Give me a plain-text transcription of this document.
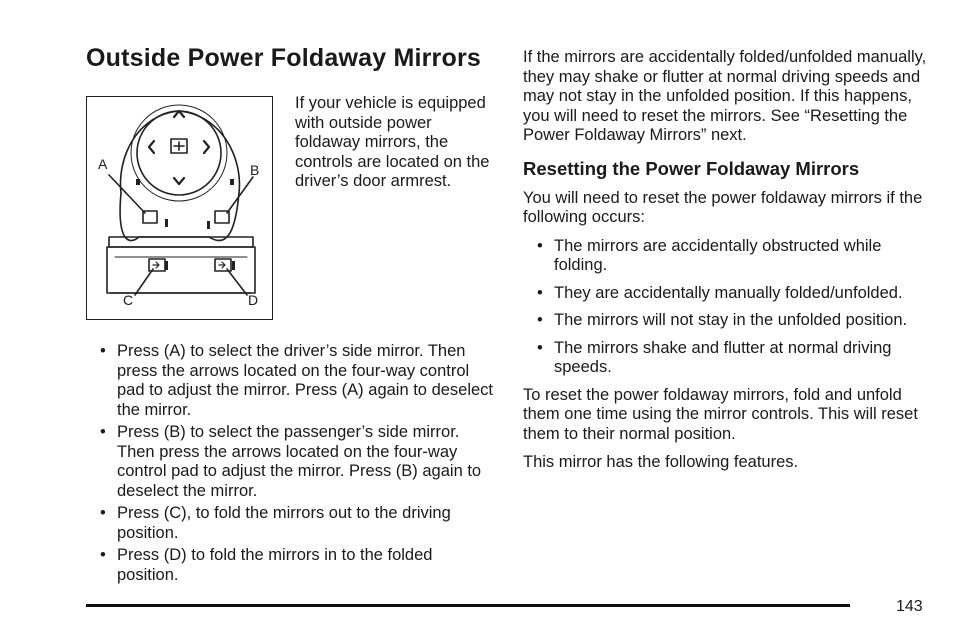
Outside Power Foldaway Mirrors
A	B
C	D

If your vehicle is equipped with outside power foldaway mirrors, the controls are located on the driver’s door armrest.

• Press (A) to select the driver’s side mirror. Then press the arrows located on the four-way control pad to adjust the mirror. Press (A) again to deselect the mirror.
• Press (B) to select the passenger’s side mirror. Then press the arrows located on the four-way control pad to adjust the mirror. Press (B) again to deselect the mirror.
• Press (C), to fold the mirrors out to the driving position.
• Press (D) to fold the mirrors in to the folded position.

If the mirrors are accidentally folded/unfolded manually, they may shake or flutter at normal driving speeds and may not stay in the unfolded position. If this happens, you will need to reset the mirrors. See “Resetting the Power Foldaway Mirrors” next.

Resetting the Power Foldaway Mirrors

You will need to reset the power foldaway mirrors if the following occurs:

• The mirrors are accidentally obstructed while folding.
• They are accidentally manually folded/unfolded.
• The mirrors will not stay in the unfolded position.
• The mirrors shake and flutter at normal driving speeds.

To reset the power foldaway mirrors, fold and unfold them one time using the mirror controls. This will reset them to their normal position.

This mirror has the following features.

143
